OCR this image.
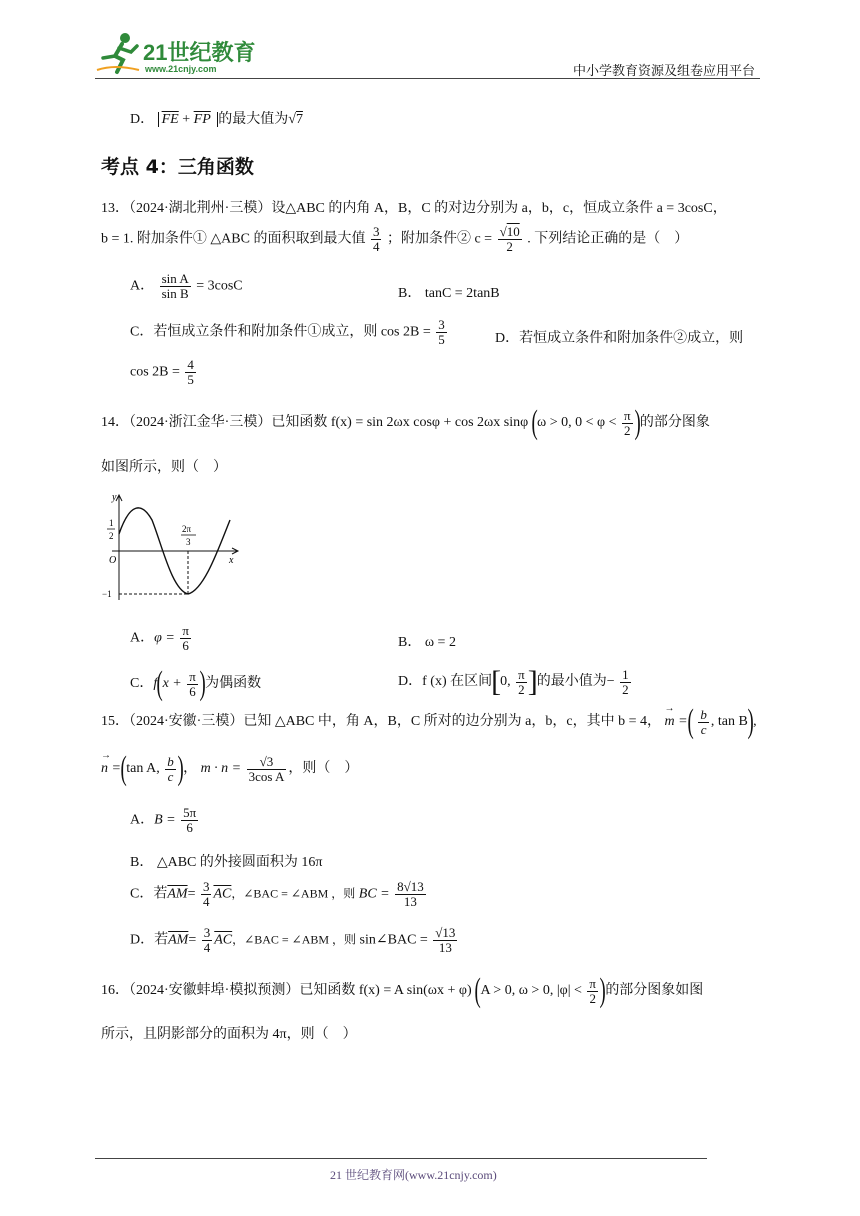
21世纪教育
www.21cnjy.com	中小学教育资源及组卷应用平台
D． $\overline{FE} + \overline{FP}$ 的最大值为√7
考点 4：三角函数
13．（2024·湖北荆州·三模）设△ABC 的内角 A，B，C 的对边分别为 a，b，c，恒成立条件 a = 3cosC，
b = 1. 附加条件① △ABC 的面积取到最大值 $\frac{3}{4}$ ；附加条件② $c = \frac{√10}{2}$ . 下列结论正确的是（　）
A． $\frac{\text{sin A}}{\text{sin B}} = 3\cos C$
B． tanC = 2tanB
C．若恒成立条件和附加条件①成立，则 $\cos 2B = \frac{3}{5}$	D．若恒成立条件和附加条件②成立，则
$\cos 2B = \frac{4}{5}$
14．（2024·浙江金华·三模）已知函数 f(x) = sin 2ωx cosφ + cos 2ωx sinφ (ω > 0, $0 < \varphi < \frac{\pi}{2}$ )的部分图象
如图所示，则（　）
y
x
O
1
2
−1
2π
3
A．$\varphi = \frac{\pi}{6}$	B． ω = 2
C．$f(x + \frac{\pi}{6}$ )为偶函数	D．f (x) 在区间[0, $\frac{\pi}{2}$ ]的最小值为− $\frac{1}{2}$
15．（2024·安徽·三模）已知 △ABC 中，角 A，B，C 所对的边分别为 a，b，c，其中 b = 4， → m =( $\frac{b}{c}$ , tan B),
→ n =(tan A, $\frac{b}{c}$ )， $m \cdot n = \frac{√3}{\text{3cos A}}$ ，则（　）
A．$B = \frac{5\pi}{6}$
B． △ABC 的外接圆面积为 16π
C．若$\overline{AM}= \frac{3}{4} \overline{AC}$，∠BAC = ∠ABM ，则 BC = $\frac{8√13}{13}$
D．若$\overline{AM}= \frac{3}{4} \overline{AC}$，∠BAC = ∠ABM ，则 sin∠BAC = $\frac{√13}{13}$
16．（2024·安徽蚌埠·模拟预测）已知函数 f(x) = A sin(ωx + φ) (A > 0, ω > 0, $|\varphi| < \frac{\pi}{2}$ )的部分图象如图
所示，且阴影部分的面积为 4π，则（　）
21 世纪教育网(www.21cnjy.com)
